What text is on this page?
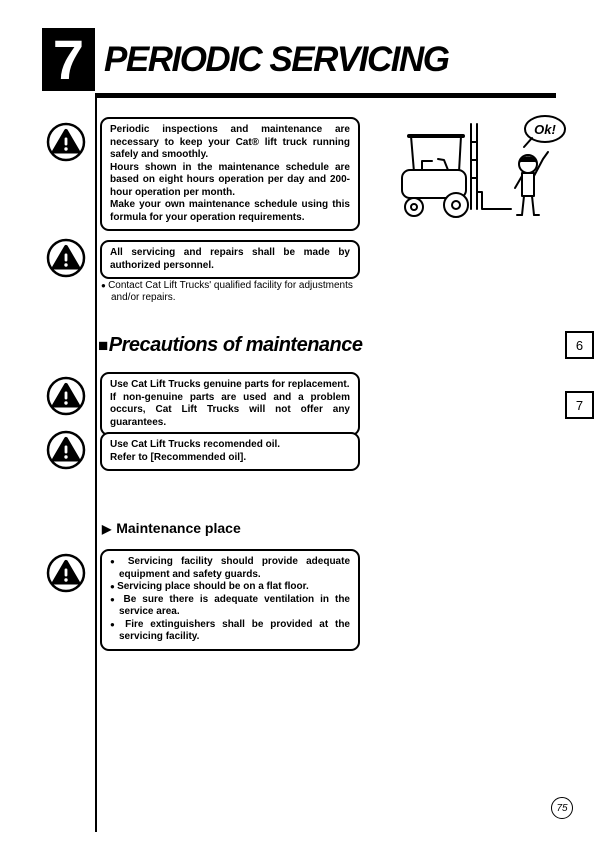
7 PERIODIC SERVICING

Periodic inspections and maintenance are necessary to keep your Cat® lift truck running safely and smoothly.

Hours shown in the maintenance schedule are based on eight hours operation per day and 200-hour operation per month.

Make your own maintenance schedule using this formula for your operation requirements.

All servicing and repairs shall be made by authorized personnel.

● Contact Cat Lift Trucks' qualified facility for adjustments and/or repairs.
■Precautions of maintenance	6
7

Use Cat Lift Trucks genuine parts for replacement.

If non-genuine parts are used and a problem occurs, Cat Lift Trucks will not offer any guarantees.

Use Cat Lift Trucks recomended oil.

Refer to [Recommended oil].

▶ Maintenance place
● Servicing facility should provide adequate equipment and safety guards.
● Servicing place should be on a flat floor.
● Be sure there is adequate ventilation in the service area.
● Fire extinguishers shall be provided at the servicing facility.
Ok!
75
